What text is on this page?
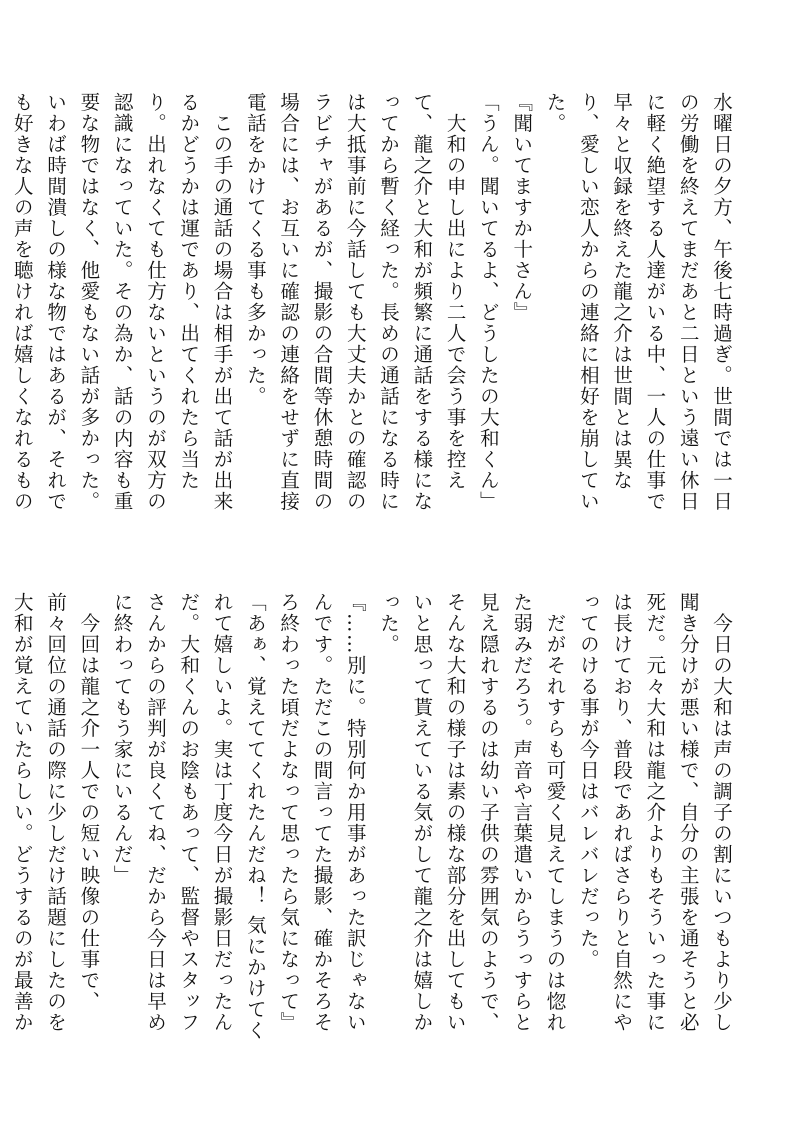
水曜日の夕方、午後七時過ぎ。世間では一日の労働を終えてまだあと二日という遠い休日に軽く絶望する人達がいる中、一人の仕事で早々と収録を終えた龍之介は世間とは異なり、愛しい恋人からの連絡に相好を崩していた。

『聞いてますか十さん』

「うん。聞いてるよ、どうしたの大和くん」

　大和の申し出により二人で会う事を控えて、龍之介と大和が頻繁に通話をする様になってから暫く経った。長めの通話になる時には大抵事前に今話しても大丈夫かとの確認のラビチャがあるが、撮影の合間等休憩時間の場合には、お互いに確認の連絡をせずに直接電話をかけてくる事も多かった。

　この手の通話の場合は相手が出て話が出来るかどうかは運であり、出てくれたら当たり。出れなくても仕方ないというのが双方の認識になっていた。その為か、話の内容も重要な物ではなく、他愛もない話が多かった。いわば時間潰しの様な物ではあるが、それでも好きな人の声を聴ければ嬉しくなれるもの

　今日の大和は声の調子の割にいつもより少し聞き分けが悪い様で、自分の主張を通そうと必死だ。元々大和は龍之介よりもそういった事には長けており、普段であればさらりと自然にやってのける事が今日はバレバレだった。

　だがそれすらも可愛く見えてしまうのは惚れた弱みだろう。声音や言葉遣いからうっすらと見え隠れするのは幼い子供の雰囲気のようで、そんな大和の様子は素の様な部分を出してもいいと思って貰えている気がして龍之介は嬉しかった。

『……別に。特別何か用事があった訳じゃないんです。ただこの間言ってた撮影、確かそろそろ終わった頃だよなって思ったら気になって』

「あぁ、覚えててくれたんだね！ 気にかけてくれて嬉しいよ。実は丁度今日が撮影日だったんだ。大和くんのお陰もあって、監督やスタッフさんからの評判が良くてね、だから今日は早めに終わってもう家にいるんだ」

　今回は龍之介一人での短い映像の仕事で、前々回位の通話の際に少しだけ話題にしたのを大和が覚えていたらしい。どうするのが最善か
